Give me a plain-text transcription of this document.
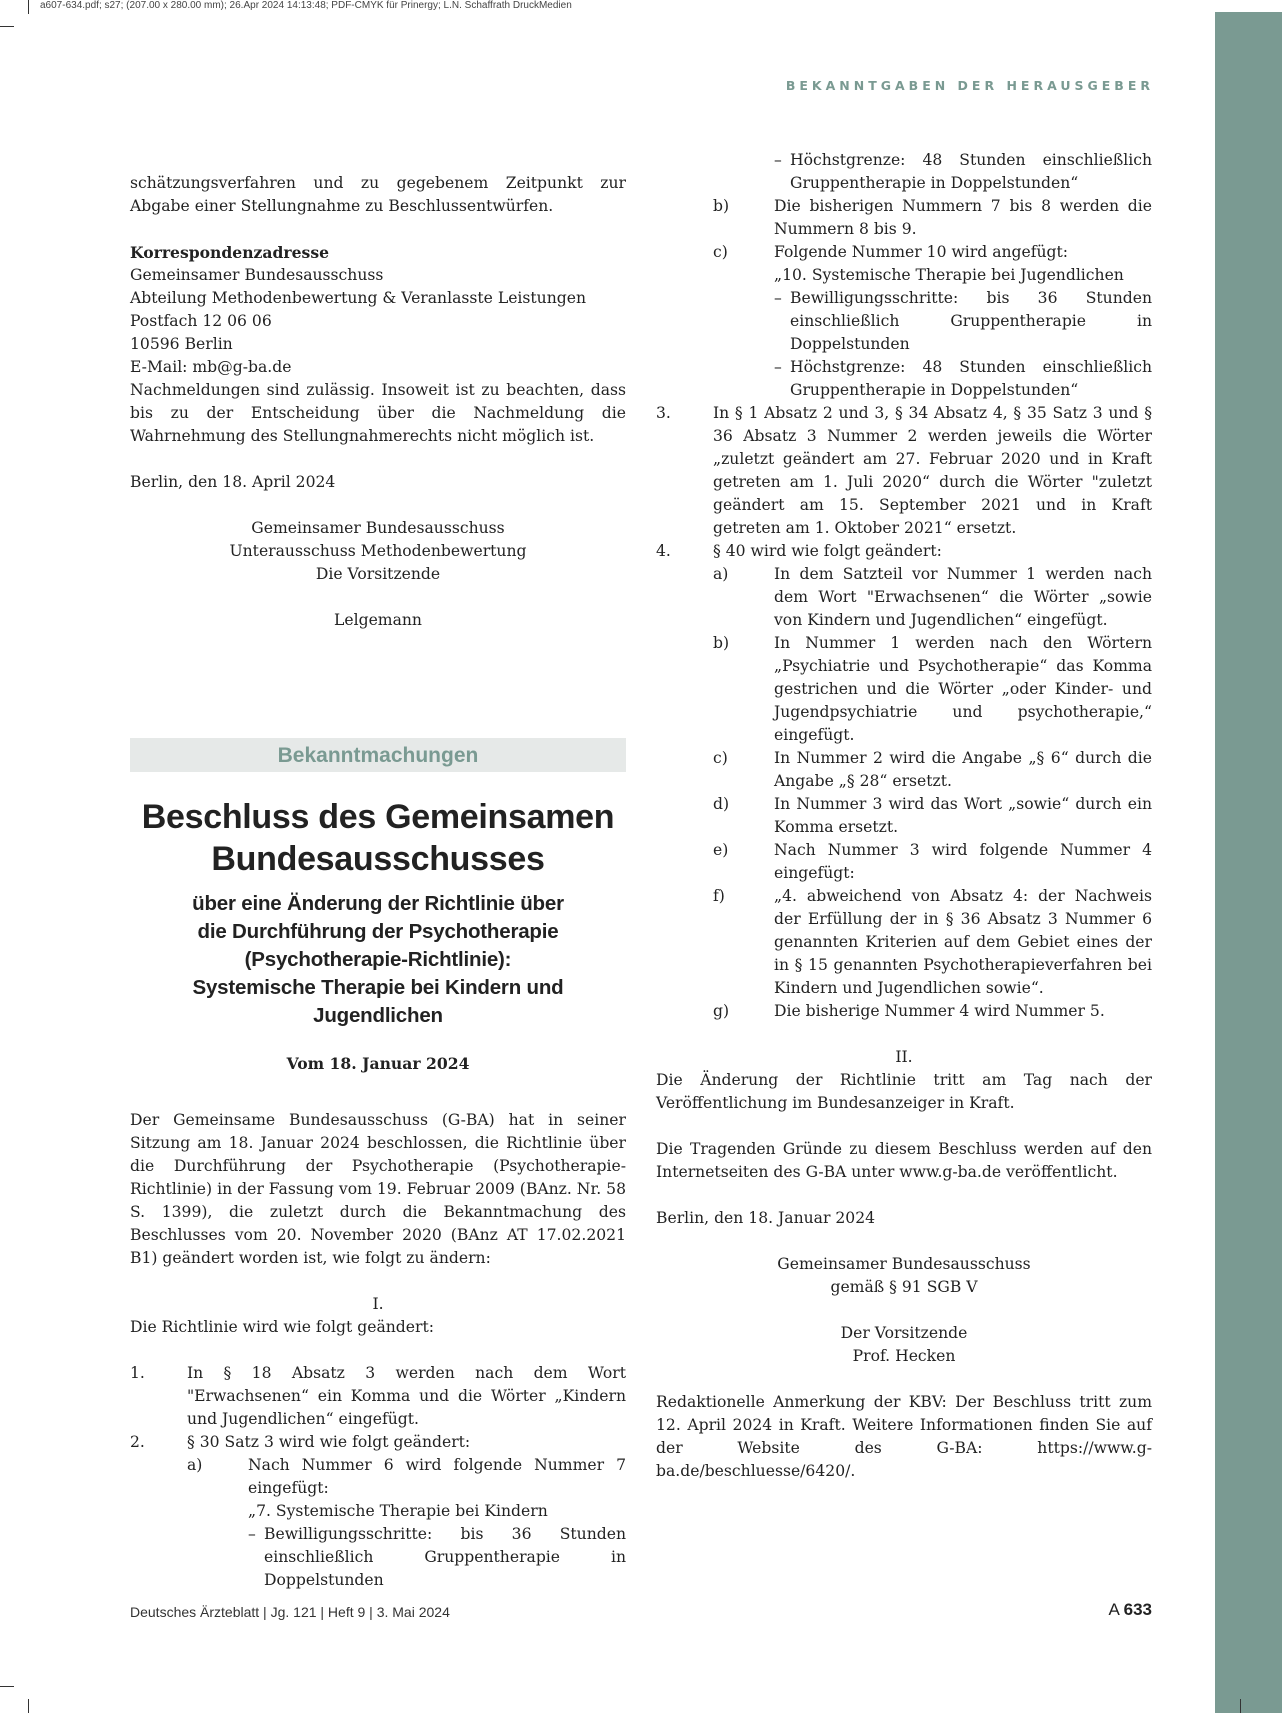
a607-634.pdf; s27; (207.00 x 280.00 mm); 26.Apr 2024 14:13:48; PDF-CMYK für Prinergy; L.N. Schaffrath DruckMedien
BEKANNTGABEN DER HERAUSGEBER

schätzungsverfahren und zu gegebenem Zeitpunkt zur Abgabe einer Stellungnahme zu Beschlussentwürfen.

Korrespondenzadresse

Gemeinsamer Bundesausschuss

Abteilung Methodenbewertung & Veranlasste Leistungen

Postfach 12 06 06

10596 Berlin

E-Mail: mb@g-ba.de

Nachmeldungen sind zulässig. Insoweit ist zu beachten, dass bis zu der Entscheidung über die Nachmeldung die Wahrnehmung des Stellungnahmerechts nicht möglich ist.

Berlin, den 18. April 2024

Gemeinsamer Bundesausschuss

Unterausschuss Methodenbewertung

Die Vorsitzende

Lelgemann

Bekanntmachungen
Beschluss des Gemeinsamen
Bundesausschusses
über eine Änderung der Richtlinie über
die Durchführung der Psychotherapie
(Psychotherapie-Richtlinie):
Systemische Therapie bei Kindern und Jugendlichen

Vom 18. Januar 2024

Der Gemeinsame Bundesausschuss (G-BA) hat in seiner Sitzung am 18. Januar 2024 beschlossen, die Richtlinie über die Durchführung der Psychotherapie (Psychotherapie-Richtlinie) in der Fassung vom 19. Februar 2009 (BAnz. Nr. 58 S. 1399), die zuletzt durch die Bekanntmachung des Beschlusses vom 20. November 2020 (BAnz AT 17.02.2021 B1) geändert worden ist, wie folgt zu ändern:

I.

Die Richtlinie wird wie folgt geändert:

1.	In § 18 Absatz 3 werden nach dem Wort "Erwachsenen“ ein Komma und die Wörter „Kindern und Jugendlichen“ eingefügt.

2.	§ 30 Satz 3 wird wie folgt geändert:

a)	Nach Nummer 6 wird folgende Nummer 7 eingefügt:

„7. Systemische Therapie bei Kindern

– Bewilligungsschritte: bis 36 Stunden einschließlich Gruppentherapie in Doppelstunden

– Höchstgrenze: 48 Stunden einschließlich Gruppentherapie in Doppelstunden“

b)	Die bisherigen Nummern 7 bis 8 werden die Nummern 8 bis 9.

c)	Folgende Nummer 10 wird angefügt:

„10. Systemische Therapie bei Jugendlichen

– Bewilligungsschritte: bis 36 Stunden einschließlich Gruppentherapie in Doppelstunden

– Höchstgrenze: 48 Stunden einschließlich Gruppentherapie in Doppelstunden“

3.	In § 1 Absatz 2 und 3, § 34 Absatz 4, § 35 Satz 3 und § 36 Absatz 3 Nummer 2 werden jeweils die Wörter „zuletzt geändert am 27. Februar 2020 und in Kraft getreten am 1. Juli 2020“ durch die Wörter "zuletzt geändert am 15. September 2021 und in Kraft getreten am 1. Oktober 2021“ ersetzt.

4.	§ 40 wird wie folgt geändert:

a)	In dem Satzteil vor Nummer 1 werden nach dem Wort "Erwachsenen“ die Wörter „sowie von Kindern und Jugendlichen“ eingefügt.

b)	In Nummer 1 werden nach den Wörtern „Psychiatrie und Psychotherapie“ das Komma gestrichen und die Wörter „oder Kinder- und Jugendpsychiatrie und psychotherapie,“ eingefügt.

c)	In Nummer 2 wird die Angabe „§ 6“ durch die Angabe „§ 28“ ersetzt.

d)	In Nummer 3 wird das Wort „sowie“ durch ein Komma ersetzt.

e)	Nach Nummer 3 wird folgende Nummer 4 eingefügt:

f)	„4. abweichend von Absatz 4: der Nachweis der Erfüllung der in § 36 Absatz 3 Nummer 6 genannten Kriterien auf dem Gebiet eines der in § 15 genannten Psychotherapieverfahren bei Kindern und Jugendlichen sowie“.

g)	Die bisherige Nummer 4 wird Nummer 5.

II.

Die Änderung der Richtlinie tritt am Tag nach der Veröffentlichung im Bundesanzeiger in Kraft.

Die Tragenden Gründe zu diesem Beschluss werden auf den Internetseiten des G-BA unter www.g-ba.de veröffentlicht.

Berlin, den 18. Januar 2024

Gemeinsamer Bundesausschuss

gemäß § 91 SGB V

Der Vorsitzende

Prof. Hecken

Redaktionelle Anmerkung der KBV: Der Beschluss tritt zum 12. April 2024 in Kraft. Weitere Informationen finden Sie auf der Website des G-BA: https://www.g-ba.de/beschluesse/6420/.

Deutsches Ärzteblatt | Jg. 121 | Heft 9 | 3. Mai 2024	A 633
